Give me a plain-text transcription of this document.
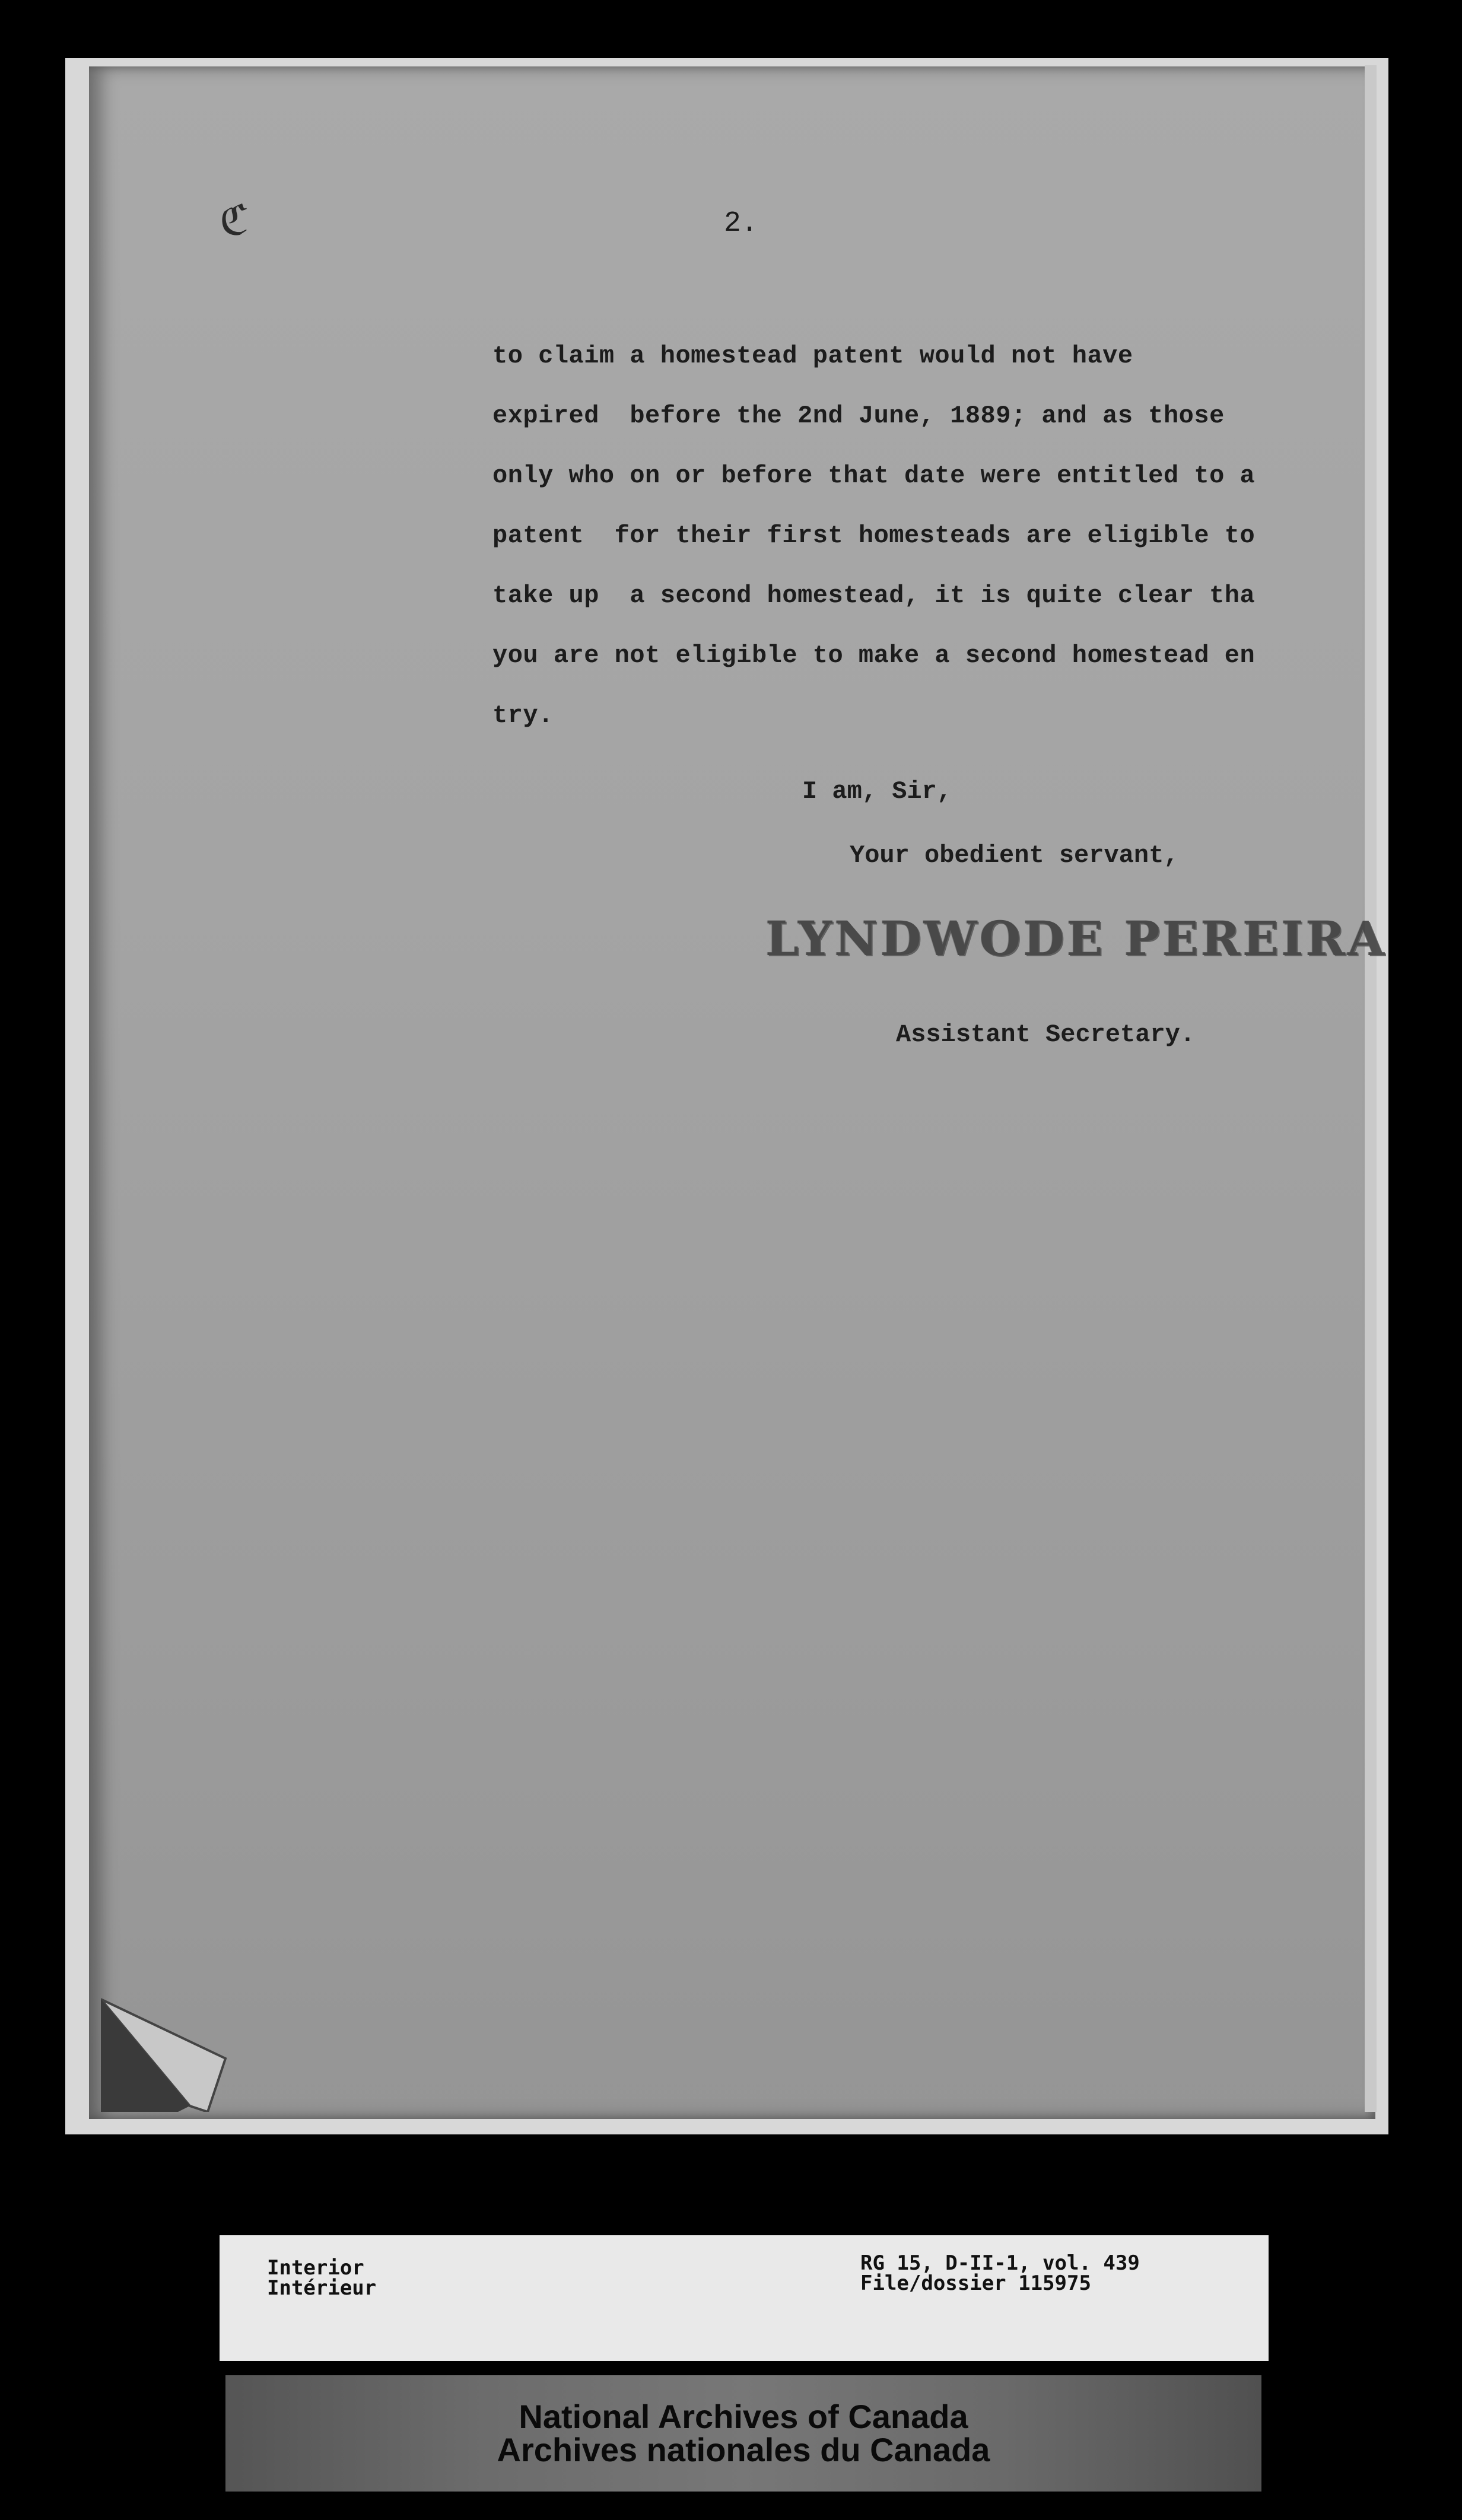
ℭ	2.
to claim a homestead patent would not have
expired  before the 2nd June, 1889; and as those
only who on or before that date were entitled to a
patent  for their first homesteads are eligible to
take up  a second homestead, it is quite clear tha
you are not eligible to make a second homestead en
try.
I am, Sir,
Your obedient servant,
LYNDWODE PEREIRA
Assistant Secretary.
Interior
Intérieur
RG 15, D-II-1, vol. 439
File/dossier 115975
National Archives of Canada
Archives nationales du Canada
